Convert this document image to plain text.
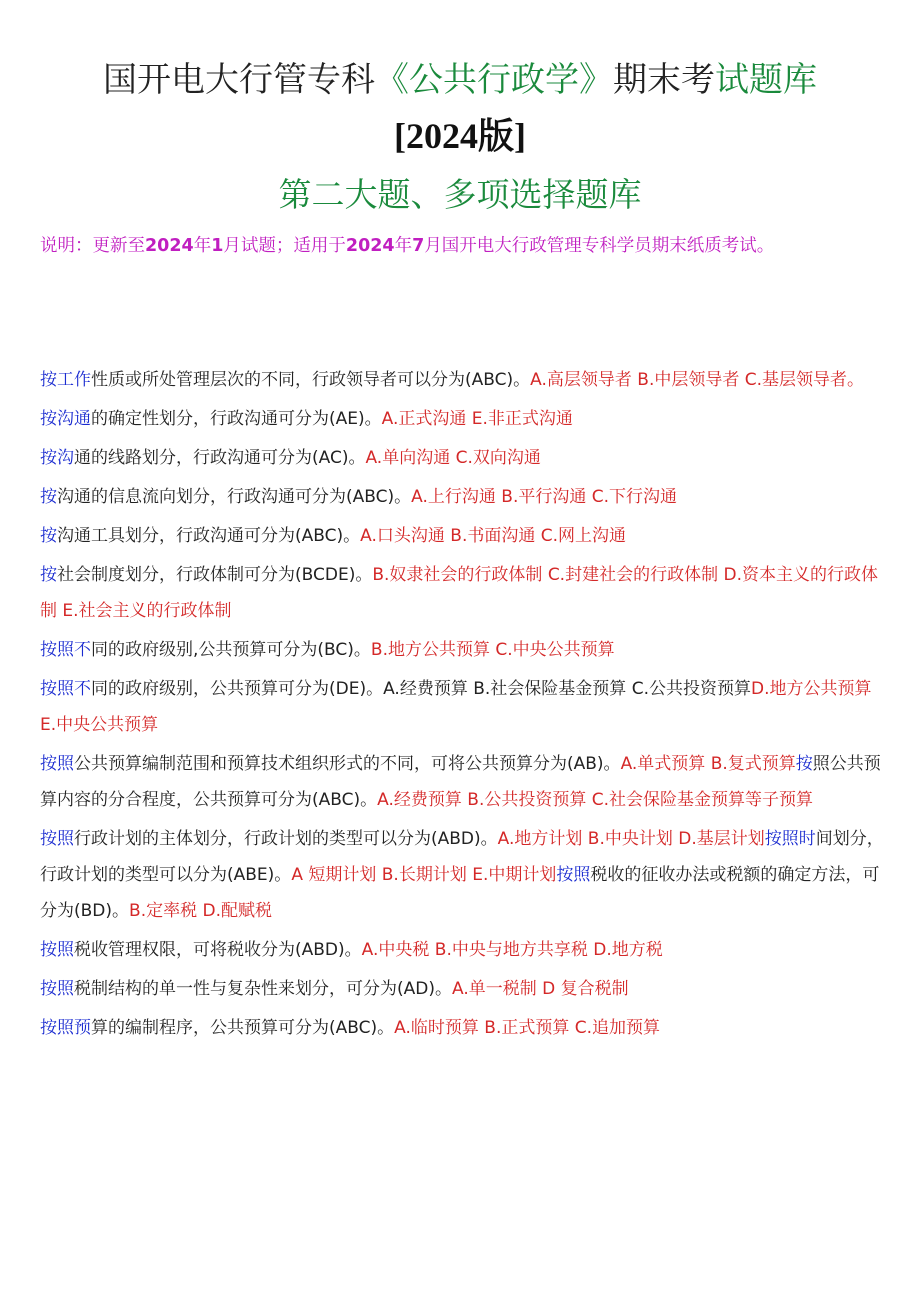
国开电大行管专科《公共行政学》期末考试题库
[2024版]
第二大题、多项选择题库
说明：更新至2024年1月试题；适用于2024年7月国开电大行政管理专科学员期末纸质考试。
按工作性质或所处管理层次的不同，行政领导者可以分为(ABC)。A.高层领导者 B.中层领导者 C.基层领导者。
按沟通的确定性划分，行政沟通可分为(AE)。A.正式沟通 E.非正式沟通
按沟通的线路划分，行政沟通可分为(AC)。A.单向沟通 C.双向沟通
按沟通的信息流向划分，行政沟通可分为(ABC)。A.上行沟通 B.平行沟通 C.下行沟通
按沟通工具划分，行政沟通可分为(ABC)。A.口头沟通 B.书面沟通 C.网上沟通
按社会制度划分，行政体制可分为(BCDE)。B.奴隶社会的行政体制 C.封建社会的行政体制 D.资本主义的行政体制 E.社会主义的行政体制
按照不同的政府级别,公共预算可分为(BC)。B.地方公共预算 C.中央公共预算
按照不同的政府级别，公共预算可分为(DE)。A.经费预算 B.社会保险基金预算 C.公共投资预算D.地方公共预算 E.中央公共预算
按照公共预算编制范围和预算技术组织形式的不同，可将公共预算分为(AB)。A.单式预算 B.复式预算按照公共预算内容的分合程度，公共预算可分为(ABC)。A.经费预算 B.公共投资预算 C.社会保险基金预算等子预算
按照行政计划的主体划分，行政计划的类型可以分为(ABD)。A.地方计划 B.中央计划 D.基层计划按照时间划分，行政计划的类型可以分为(ABE)。A 短期计划 B.长期计划 E.中期计划按照税收的征收办法或税额的确定方法，可分为(BD)。B.定率税 D.配赋税
按照税收管理权限，可将税收分为(ABD)。A.中央税 B.中央与地方共享税 D.地方税
按照税制结构的单一性与复杂性来划分，可分为(AD)。A.单一税制 D 复合税制
按照预算的编制程序，公共预算可分为(ABC)。A.临时预算 B.正式预算 C.追加预算
